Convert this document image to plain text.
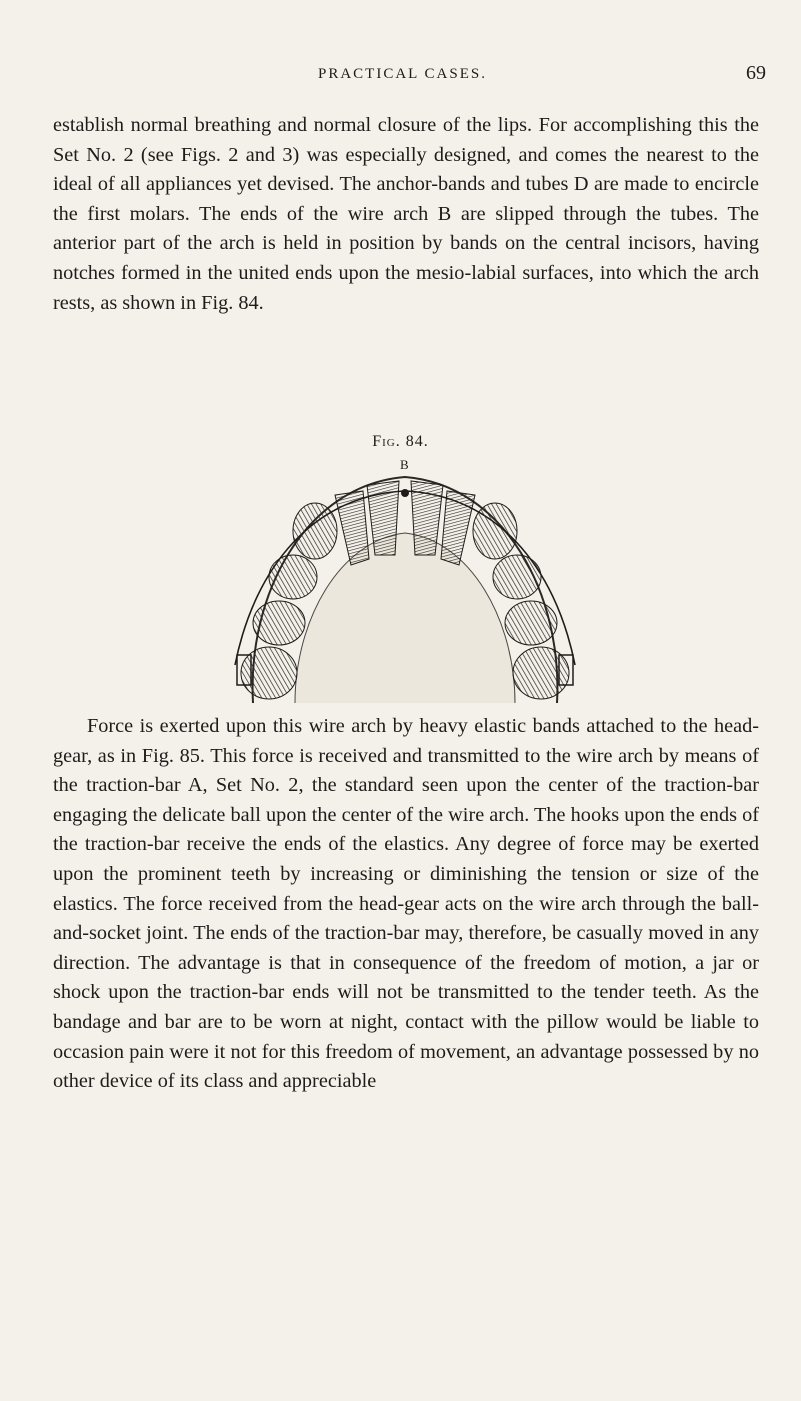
PRACTICAL CASES.	69

establish normal breathing and normal closure of the lips. For accomplishing this the Set No. 2 (see Figs. 2 and 3) was especially designed, and comes the nearest to the ideal of all appliances yet devised. The anchor-bands and tubes D are made to encircle the first molars. The ends of the wire arch B are slipped through the tubes. The anterior part of the arch is held in position by bands on the central incisors, having notches formed in the united ends upon the mesio-labial surfaces, into which the arch rests, as shown in Fig. 84.

Fig. 84.
B

Force is exerted upon this wire arch by heavy elastic bands attached to the head-gear, as in Fig. 85. This force is received and transmitted to the wire arch by means of the traction-bar A, Set No. 2, the standard seen upon the center of the traction-bar engaging the delicate ball upon the center of the wire arch. The hooks upon the ends of the traction-bar receive the ends of the elastics. Any degree of force may be exerted upon the prominent teeth by increasing or diminishing the tension or size of the elastics. The force received from the head-gear acts on the wire arch through the ball-and-socket joint. The ends of the traction-bar may, therefore, be casually moved in any direction. The advantage is that in consequence of the freedom of motion, a jar or shock upon the traction-bar ends will not be transmitted to the tender teeth. As the bandage and bar are to be worn at night, contact with the pillow would be liable to occasion pain were it not for this freedom of movement, an advantage possessed by no other device of its class and appreciable
